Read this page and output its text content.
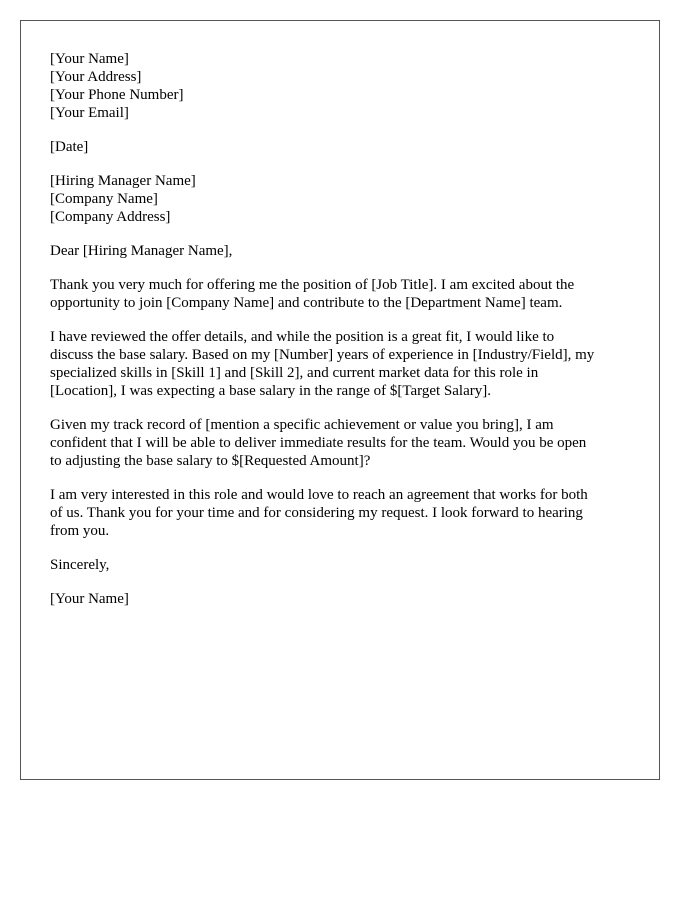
[Your Name]
[Your Address]
[Your Phone Number]
[Your Email]
[Date]
[Hiring Manager Name]
[Company Name]
[Company Address]

Dear [Hiring Manager Name],

Thank you very much for offering me the position of [Job Title]. I am excited about the
opportunity to join [Company Name] and contribute to the [Department Name] team.

I have reviewed the offer details, and while the position is a great fit, I would like to
discuss the base salary. Based on my [Number] years of experience in [Industry/Field], my
specialized skills in [Skill 1] and [Skill 2], and current market data for this role in
[Location], I was expecting a base salary in the range of $[Target Salary].

Given my track record of [mention a specific achievement or value you bring], I am
confident that I will be able to deliver immediate results for the team. Would you be open
to adjusting the base salary to $[Requested Amount]?

I am very interested in this role and would love to reach an agreement that works for both
of us. Thank you for your time and for considering my request. I look forward to hearing
from you.

Sincerely,

[Your Name]
